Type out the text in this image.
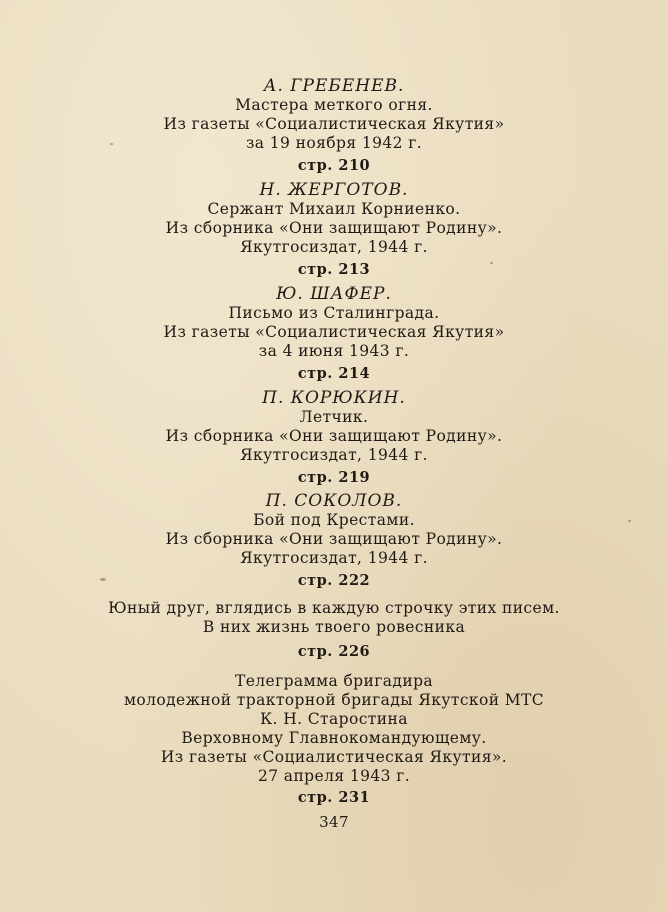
А. ГРЕБЕНЕВ.
Мастера меткого огня.
Из газеты «Социалистическая Якутия»
за 19 ноября 1942 г.
стр. 210
Н. ЖЕРГОТОВ.
Сержант Михаил Корниенко.
Из сборника «Они защищают Родину».
Якутгосиздат, 1944 г.
стр. 213
Ю. ШАФЕР.
Письмо из Сталинграда.
Из газеты «Социалистическая Якутия»
за 4 июня 1943 г.
стр. 214
П. КОРЮКИН.
Летчик.
Из сборника «Они защищают Родину».
Якутгосиздат, 1944 г.
стр. 219
П. СОКОЛОВ.
Бой под Крестами.
Из сборника «Они защищают Родину».
Якутгосиздат, 1944 г.
стр. 222
Юный друг, вглядись в каждую строчку этих писем.
В них жизнь твоего ровесника
стр. 226
Телеграмма бригадира
молодежной тракторной бригады Якутской МТС
К. Н. Старостина
Верховному Главнокомандующему.
Из газеты «Социалистическая Якутия».
27 апреля 1943 г.
стр. 231
347
